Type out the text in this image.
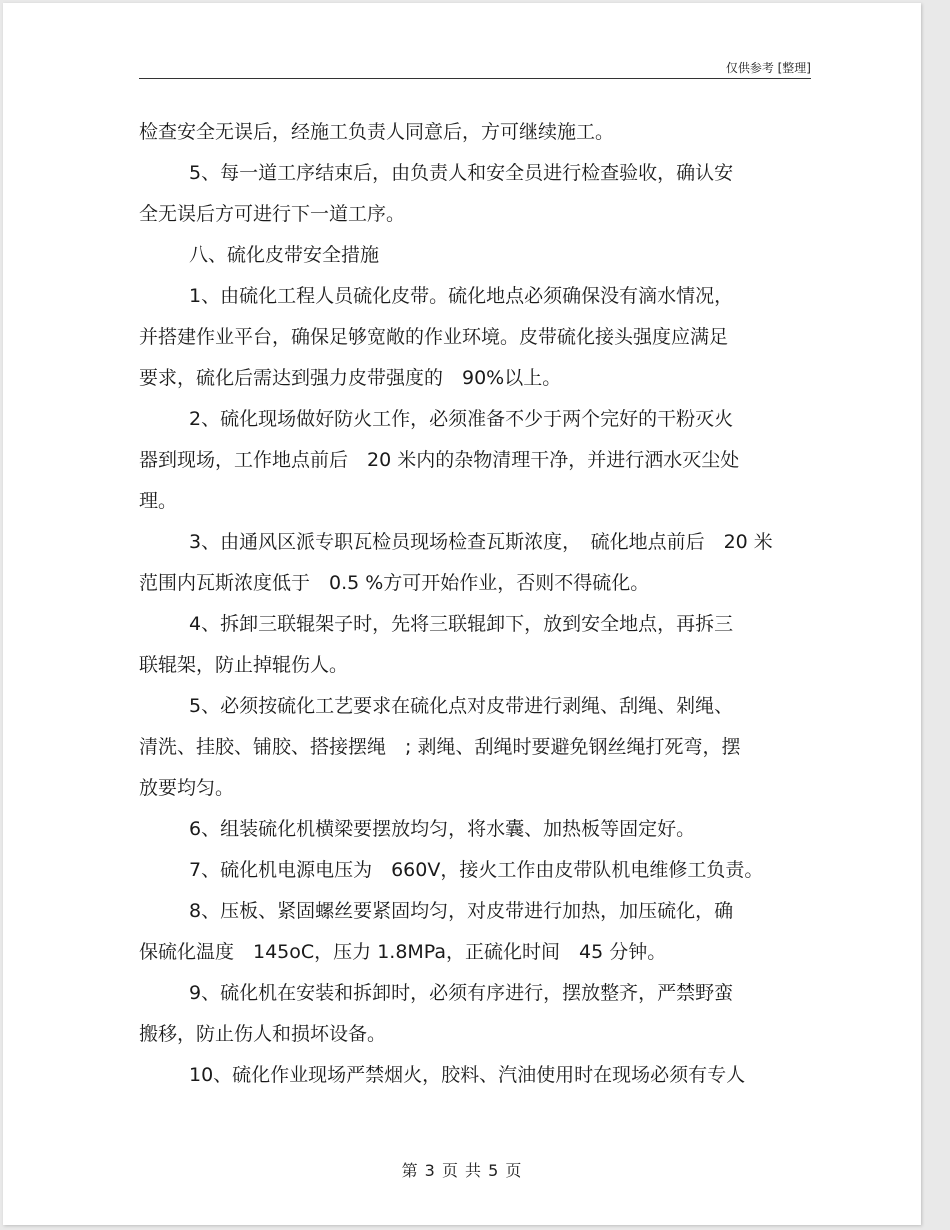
仅供参考 [整理]
检查安全无误后，经施工负责人同意后，方可继续施工。
5、每一道工序结束后，由负责人和安全员进行检查验收，确认安
全无误后方可进行下一道工序。
八、硫化皮带安全措施
1、由硫化工程人员硫化皮带。硫化地点必须确保没有滴水情况，
并搭建作业平台，确保足够宽敞的作业环境。皮带硫化接头强度应满足
要求，硫化后需达到强力皮带强度的　90%以上。
2、硫化现场做好防火工作，必须准备不少于两个完好的干粉灭火
器到现场，工作地点前后　20 米内的杂物清理干净，并进行洒水灭尘处
理。
3、由通风区派专职瓦检员现场检查瓦斯浓度，　硫化地点前后　20 米
范围内瓦斯浓度低于　0.5 %方可开始作业，否则不得硫化。
4、拆卸三联辊架子时，先将三联辊卸下，放到安全地点，再拆三
联辊架，防止掉辊伤人。
5、必须按硫化工艺要求在硫化点对皮带进行剥绳、刮绳、剁绳、
清洗、挂胶、铺胶、搭接摆绳　; 剥绳、刮绳时要避免钢丝绳打死弯，摆
放要均匀。
6、组装硫化机横梁要摆放均匀，将水囊、加热板等固定好。
7、硫化机电源电压为　660V，接火工作由皮带队机电维修工负责。
8、压板、紧固螺丝要紧固均匀，对皮带进行加热，加压硫化，确
保硫化温度　145oC，压力 1.8MPa，正硫化时间　45 分钟。
9、硫化机在安装和拆卸时，必须有序进行，摆放整齐，严禁野蛮
搬移，防止伤人和损坏设备。
10、硫化作业现场严禁烟火，胶料、汽油使用时在现场必须有专人
第 3 页 共 5 页
